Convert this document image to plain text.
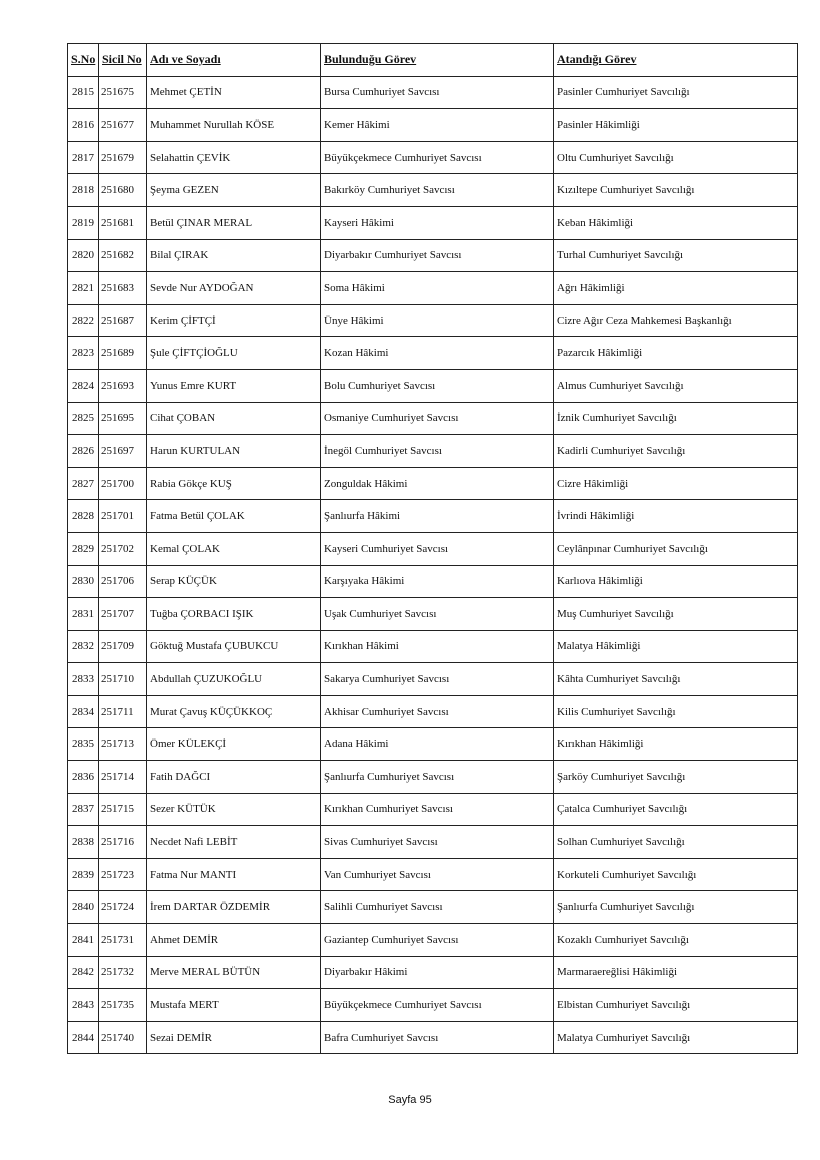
S.No	Sicil No	Adı ve Soyadı	Bulunduğu Görev	Atandığı Görev
2815	251675	Mehmet ÇETİN	Bursa Cumhuriyet Savcısı	Pasinler Cumhuriyet Savcılığı
2816	251677	Muhammet Nurullah KÖSE	Kemer Hâkimi	Pasinler Hâkimliği
2817	251679	Selahattin ÇEVİK	Büyükçekmece Cumhuriyet Savcısı	Oltu Cumhuriyet Savcılığı
2818	251680	Şeyma GEZEN	Bakırköy Cumhuriyet Savcısı	Kızıltepe Cumhuriyet Savcılığı
2819	251681	Betül ÇINAR MERAL	Kayseri Hâkimi	Keban Hâkimliği
2820	251682	Bilal ÇIRAK	Diyarbakır Cumhuriyet Savcısı	Turhal Cumhuriyet Savcılığı
2821	251683	Sevde Nur AYDOĞAN	Soma Hâkimi	Ağrı Hâkimliği
2822	251687	Kerim ÇİFTÇİ	Ünye Hâkimi	Cizre Ağır Ceza Mahkemesi Başkanlığı
2823	251689	Şule ÇİFTÇİOĞLU	Kozan Hâkimi	Pazarcık Hâkimliği
2824	251693	Yunus Emre KURT	Bolu Cumhuriyet Savcısı	Almus Cumhuriyet Savcılığı
2825	251695	Cihat ÇOBAN	Osmaniye Cumhuriyet Savcısı	İznik Cumhuriyet Savcılığı
2826	251697	Harun KURTULAN	İnegöl Cumhuriyet Savcısı	Kadirli Cumhuriyet Savcılığı
2827	251700	Rabia Gökçe KUŞ	Zonguldak Hâkimi	Cizre Hâkimliği
2828	251701	Fatma Betül ÇOLAK	Şanlıurfa Hâkimi	İvrindi Hâkimliği
2829	251702	Kemal ÇOLAK	Kayseri Cumhuriyet Savcısı	Ceylânpınar Cumhuriyet Savcılığı
2830	251706	Serap KÜÇÜK	Karşıyaka Hâkimi	Karlıova Hâkimliği
2831	251707	Tuğba ÇORBACI IŞIK	Uşak Cumhuriyet Savcısı	Muş Cumhuriyet Savcılığı
2832	251709	Göktuğ Mustafa ÇUBUKCU	Kırıkhan Hâkimi	Malatya Hâkimliği
2833	251710	Abdullah ÇUZUKOĞLU	Sakarya Cumhuriyet Savcısı	Kâhta Cumhuriyet Savcılığı
2834	251711	Murat Çavuş KÜÇÜKKOÇ	Akhisar Cumhuriyet Savcısı	Kilis Cumhuriyet Savcılığı
2835	251713	Ömer KÜLEKÇİ	Adana Hâkimi	Kırıkhan Hâkimliği
2836	251714	Fatih DAĞCI	Şanlıurfa Cumhuriyet Savcısı	Şarköy Cumhuriyet Savcılığı
2837	251715	Sezer KÜTÜK	Kırıkhan Cumhuriyet Savcısı	Çatalca Cumhuriyet Savcılığı
2838	251716	Necdet Nafi LEBİT	Sivas Cumhuriyet Savcısı	Solhan Cumhuriyet Savcılığı
2839	251723	Fatma Nur MANTI	Van Cumhuriyet Savcısı	Korkuteli Cumhuriyet Savcılığı
2840	251724	İrem DARTAR ÖZDEMİR	Salihli Cumhuriyet Savcısı	Şanlıurfa Cumhuriyet Savcılığı
2841	251731	Ahmet DEMİR	Gaziantep Cumhuriyet Savcısı	Kozaklı Cumhuriyet Savcılığı
2842	251732	Merve MERAL BÜTÜN	Diyarbakır Hâkimi	Marmaraereğlisi Hâkimliği
2843	251735	Mustafa MERT	Büyükçekmece Cumhuriyet Savcısı	Elbistan Cumhuriyet Savcılığı
2844	251740	Sezai DEMİR	Bafra Cumhuriyet Savcısı	Malatya Cumhuriyet Savcılığı
Sayfa 95
